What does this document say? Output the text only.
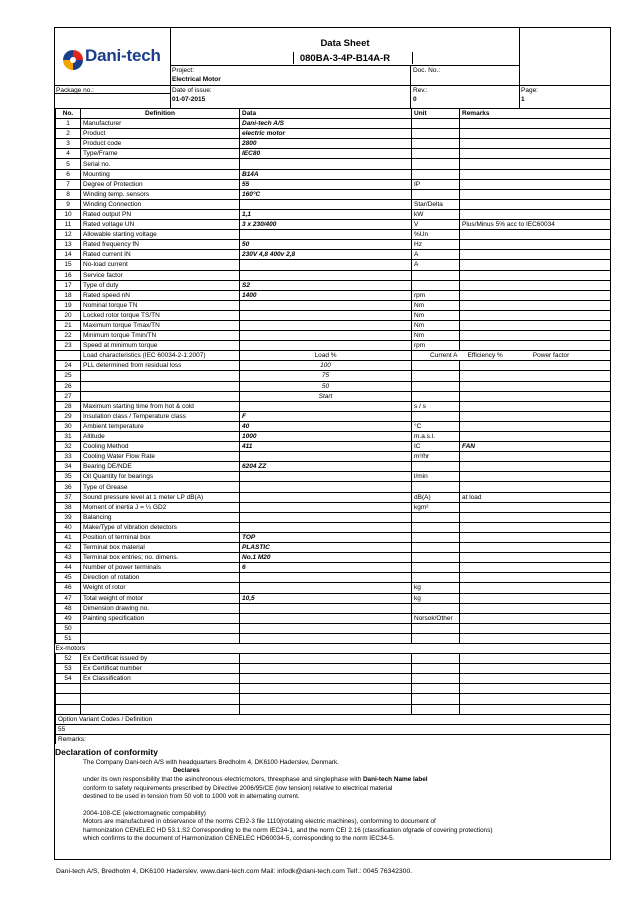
Dani-tech
Data Sheet
080BA-3-4P-B14A-R
Project:
Electrical Motor
Doc. No.:
Package no.:	Date of issue:
01-07-2015
Rev.:
0
Page:
1
No.	Definition	Data	Unit	Remarks
1	Manufacturer	Dani-tech A/S		
2	Product	electric motor		
3	Product code	2800		
4	Type/Frame	IEC80		
5	Serial no.			
6	Mounting	B14A		
7	Degree of Protection	55	IP	
8	Winding temp. sensors	160°C		
9	Winding Connection		Star/Delta	
10	Rated output PN	1,1	kW	
11	Rated voltage UN	3 x 230/400	V	Plus/Minus 5% acc to IEC60034
12	Allowable starting voltage		%Un	
13	Rated frequency fN	50	Hz	
14	Rated current IN	230V 4,8 400v 2,8	A	
15	No-load current		A	
16	Service factor			
17	Type of duty	S2		
18	Rated speed nN	1400	rpm	
19	Nominal torque TN		Nm	
20	Locked rotor torque TS/TN		Nm	
21	Maximum torque Tmax/TN		Nm	
22	Minimum torque Tmin/TN		Nm	
23	Speed at minimum torque		rpm	
	Load characteristics (IEC 60034-2-1:2007)	Load %	Current A	Efficiency % Power factor
24	PLL determined from residual loss	100		
25		75		
26		50		
27		Start		
28	Maximum starting time from hot & cold		s / s	
29	Insulation class / Temperature class	F		
30	Ambient temperature	40	°C	
31	Altitude	1000	m.a.s.l.	
32	Cooling Method	411	IC	FAN
33	Cooling Water Flow Rate		m³/hr	
34	Bearing DE/NDE	6204 ZZ		
35	Oil Quantity for bearings		l/min	
36	Type of Grease			
37	Sound pressure level at 1 meter LP dB(A)		dB(A)	at load
38	Moment of inertia J = ¼ GD2		kgm²	
39	Balancing			
40	Make/Type of vibration detectors			
41	Position of terminal box	TOP		
42	Terminal box material	PLASTIC		
43	Terminal box entries; no. dimens.	No.1 M20		
44	Number of power terminals	6		
45	Direction of rotation			
46	Weight of rotor		kg	
47	Total weight of motor	10,5	kg	
48	Dimension drawing no.			
49	Painting specification		Norsok/Other	
50				
51				
Ex-motors				
52	Ex Certificat issued by			
53	Ex Certificat number			
54	Ex Classification			

Option Variant Codes / Definition				
55				
Remarks:				
Declaration of conformity
The Company Dani-tech A/S with headquarters Bredholm 4, DK6100 Haderslev, Denmark.
Declares
conform to safety requirements prescribed by Directive 2006/95/CE (low tension) relative to electrical material
destined to be used in tension from 50 volt to 1000 volt in alternating current.
2004-108-CE (electromagnetic compability)
Motors are manufactured in observance of the norms CEI2-3 file 1110(rotating electric machines), conforming to document of
harmonization CENELEC HD 53.1.S2 Corresponding to the norm IEC34-1, and the norm CEI 2.16 (classification ofgrade of covering protections)
which confirms to the document of Harmonization CENELEC HD60034-5, corresponding to the norm IEC34-5.
under its own responsibility that the asinchronous electricmotors, threephase and singlephase with Dani-tech Name label
Dani-tech A/S, Bredholm 4, DK6100 Haderslev. www.dani-tech.com Mail: infodk@dani-tech.com Telf.: 0045 76342300.
